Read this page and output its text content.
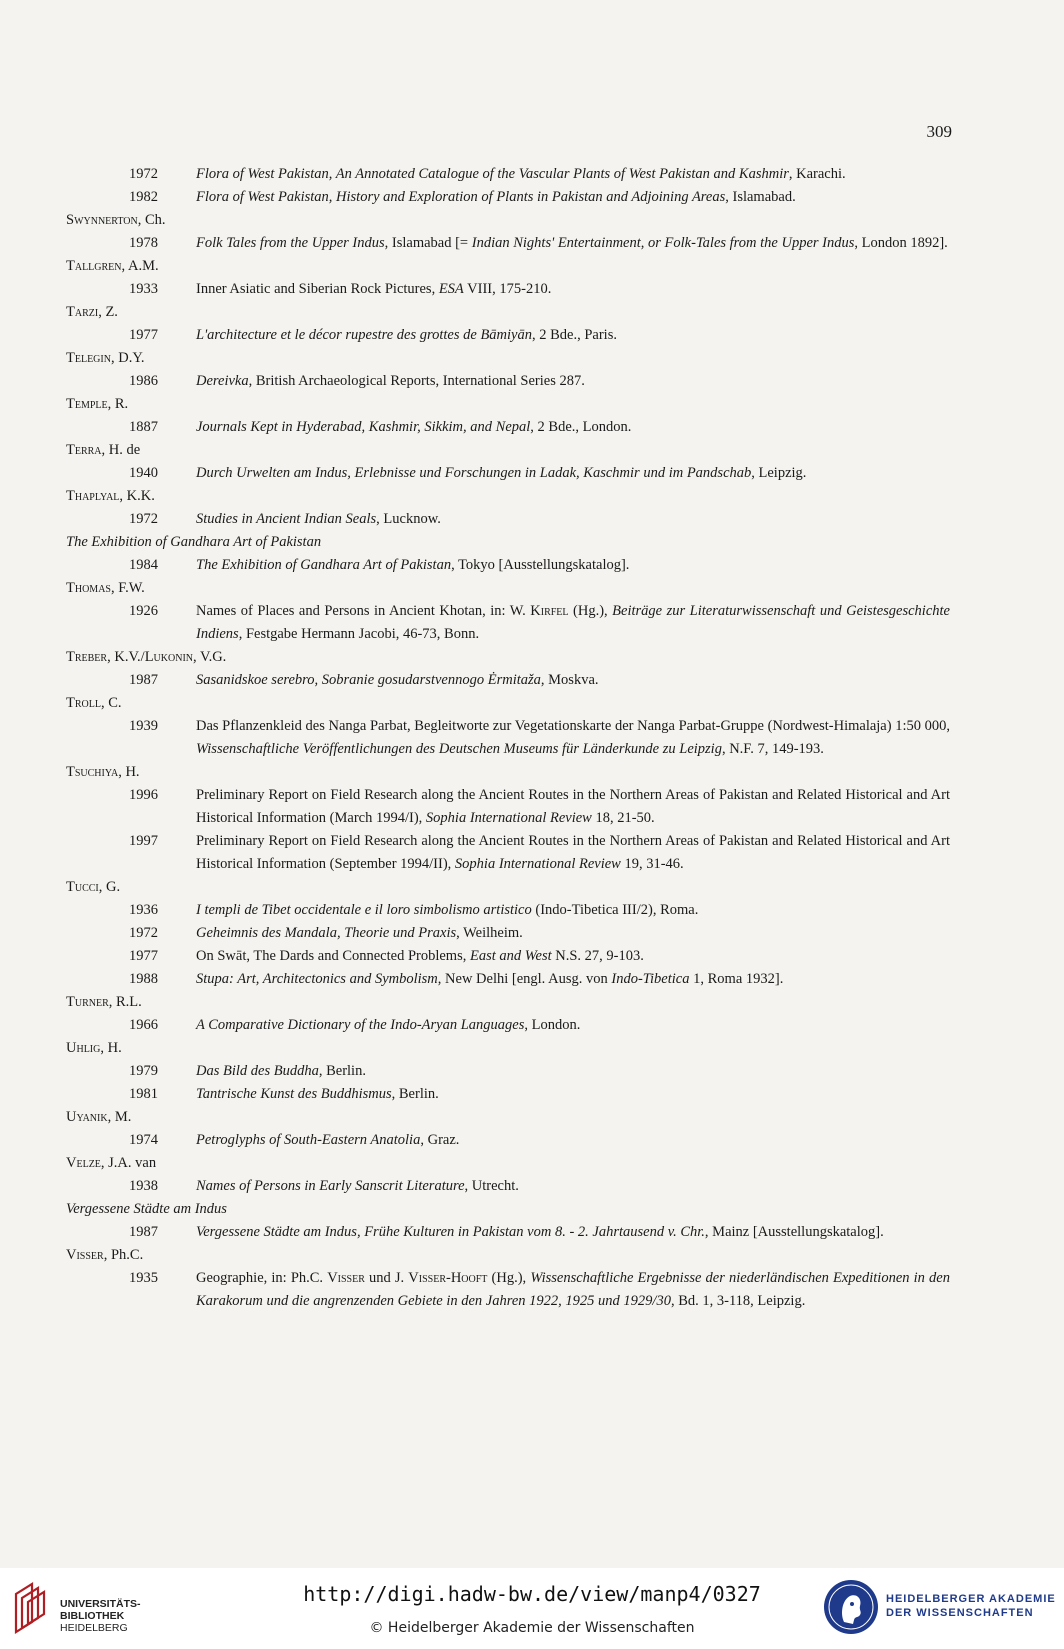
309
1972	Flora of West Pakistan, An Annotated Catalogue of the Vascular Plants of West Pakistan and Kashmir, Karachi.
1982	Flora of West Pakistan, History and Exploration of Plants in Pakistan and Adjoining Areas, Islamabad.
Swynnerton, Ch.
1978	Folk Tales from the Upper Indus, Islamabad [= Indian Nights' Entertainment, or Folk-Tales from the Upper Indus, London 1892].
Tallgren, A.M.
1933	Inner Asiatic and Siberian Rock Pictures, ESA VIII, 175-210.
Tarzi, Z.
1977	L'architecture et le décor rupestre des grottes de Bāmiyān, 2 Bde., Paris.
Telegin, D.Y.
1986	Dereivka, British Archaeological Reports, International Series 287.
Temple, R.
1887	Journals Kept in Hyderabad, Kashmir, Sikkim, and Nepal, 2 Bde., London.
Terra, H. de
1940	Durch Urwelten am Indus, Erlebnisse und Forschungen in Ladak, Kaschmir und im Pandschab, Leipzig.
Thaplyal, K.K.
1972	Studies in Ancient Indian Seals, Lucknow.
The Exhibition of Gandhara Art of Pakistan
1984	The Exhibition of Gandhara Art of Pakistan, Tokyo [Ausstellungskatalog].
Thomas, F.W.
1926	Names of Places and Persons in Ancient Khotan, in: W. Kirfel (Hg.), Beiträge zur Literaturwissenschaft und Geistesgeschichte Indiens, Festgabe Hermann Jacobi, 46-73, Bonn.
Treber, K.V./Lukonin, V.G.
1987	Sasanidskoe serebro, Sobranie gosudarstvennogo Ėrmitaža, Moskva.
Troll, C.
1939	Das Pflanzenkleid des Nanga Parbat, Begleitworte zur Vegetationskarte der Nanga Parbat-Gruppe (Nordwest-Himalaja) 1:50 000, Wissenschaftliche Veröffentlichungen des Deutschen Museums für Länderkunde zu Leipzig, N.F. 7, 149-193.
Tsuchiya, H.
1996	Preliminary Report on Field Research along the Ancient Routes in the Northern Areas of Pakistan and Related Historical and Art Historical Information (March 1994/I), Sophia International Review 18, 21-50.
1997	Preliminary Report on Field Research along the Ancient Routes in the Northern Areas of Pakistan and Related Historical and Art Historical Information (September 1994/II), Sophia International Review 19, 31-46.
Tucci, G.
1936	I templi de Tibet occidentale e il loro simbolismo artistico (Indo-Tibetica III/2), Roma.
1972	Geheimnis des Mandala, Theorie und Praxis, Weilheim.
1977	On Swāt, The Dards and Connected Problems, East and West N.S. 27, 9-103.
1988	Stupa: Art, Architectonics and Symbolism, New Delhi [engl. Ausg. von Indo-Tibetica 1, Roma 1932].
Turner, R.L.
1966	A Comparative Dictionary of the Indo-Aryan Languages, London.
Uhlig, H.
1979	Das Bild des Buddha, Berlin.
1981	Tantrische Kunst des Buddhismus, Berlin.
Uyanik, M.
1974	Petroglyphs of South-Eastern Anatolia, Graz.
Velze, J.A. van
1938	Names of Persons in Early Sanscrit Literature, Utrecht.
Vergessene Städte am Indus
1987	Vergessene Städte am Indus, Frühe Kulturen in Pakistan vom 8. - 2. Jahrtausend v. Chr., Mainz [Ausstellungskatalog].
Visser, Ph.C.
1935	Geographie, in: Ph.C. Visser und J. Visser-Hooft (Hg.), Wissenschaftliche Ergebnisse der niederländischen Expeditionen in den Karakorum und die angrenzenden Gebiete in den Jahren 1922, 1925 und 1929/30, Bd. 1, 3-118, Leipzig.
UNIVERSITÄTS-
BIBLIOTHEK
HEIDELBERG
http://digi.hadw-bw.de/view/manp4/0327
© Heidelberger Akademie der Wissenschaften
HEIDELBERGER AKADEMIE
DER WISSENSCHAFTEN
